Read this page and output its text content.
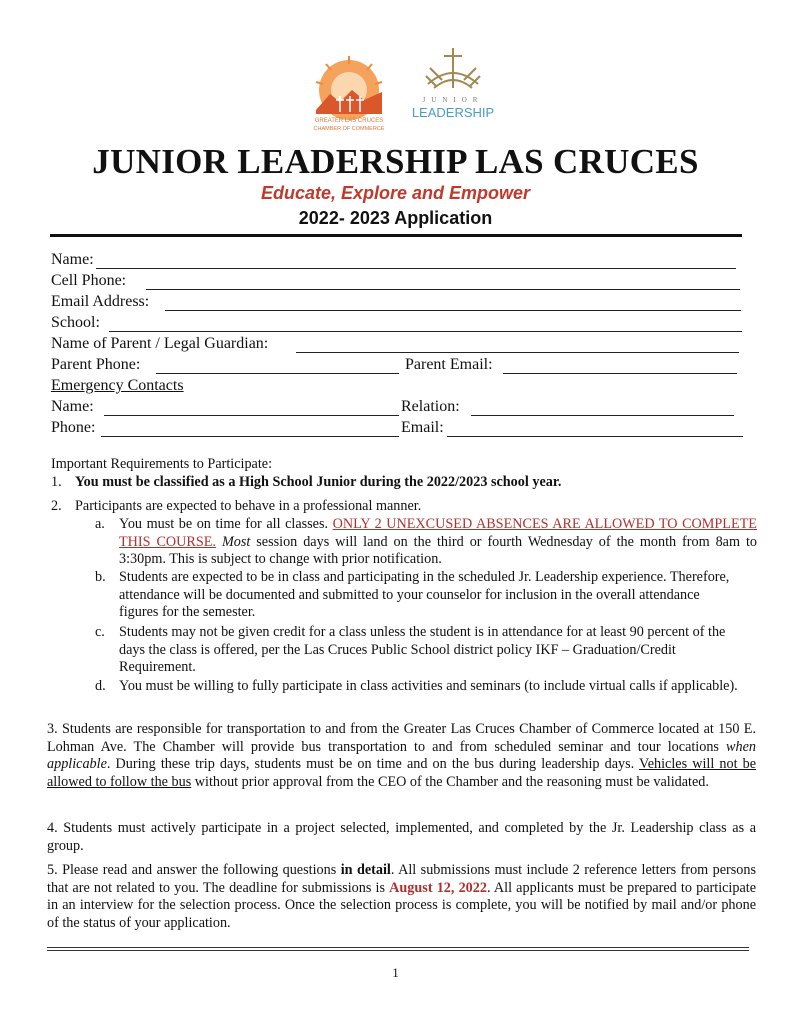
GREATER LAS CRUCES
CHAMBER OF COMMERCE
JUNIOR
LEADERSHIP
JUNIOR LEADERSHIP LAS CRUCES
Educate, Explore and Empower
2022- 2023 Application
Name:
Cell Phone:
Email Address:
School:
Name of Parent / Legal Guardian:
Parent Phone:	Parent Email:
Emergency Contacts
Name:	Relation:
Phone:	Email:
Important Requirements to Participate:
1. You must be classified as a High School Junior during the 2022/2023 school year.
2. Participants are expected to behave in a professional manner.
a. You must be on time for all classes. ONLY 2 UNEXCUSED ABSENCES ARE ALLOWED TO COMPLETE THIS COURSE. Most session days will land on the third or fourth Wednesday of the month from 8am to 3:30pm. This is subject to change with prior notification.
b. Students are expected to be in class and participating in the scheduled Jr. Leadership experience. Therefore, attendance will be documented and submitted to your counselor for inclusion in the overall attendance figures for the semester.
c. Students may not be given credit for a class unless the student is in attendance for at least 90 percent of the days the class is offered, per the Las Cruces Public School district policy IKF – Graduation/Credit Requirement.
d. You must be willing to fully participate in class activities and seminars (to include virtual calls if applicable).
3. Students are responsible for transportation to and from the Greater Las Cruces Chamber of Commerce located at 150 E. Lohman Ave. The Chamber will provide bus transportation to and from scheduled seminar and tour locations when applicable. During these trip days, students must be on time and on the bus during leadership days. Vehicles will not be allowed to follow the bus without prior approval from the CEO of the Chamber and the reasoning must be validated.
4. Students must actively participate in a project selected, implemented, and completed by the Jr. Leadership class as a group.
5. Please read and answer the following questions in detail. All submissions must include 2 reference letters from persons that are not related to you. The deadline for submissions is August 12, 2022. All applicants must be prepared to participate in an interview for the selection process. Once the selection process is complete, you will be notified by mail and/or phone of the status of your application.
1
